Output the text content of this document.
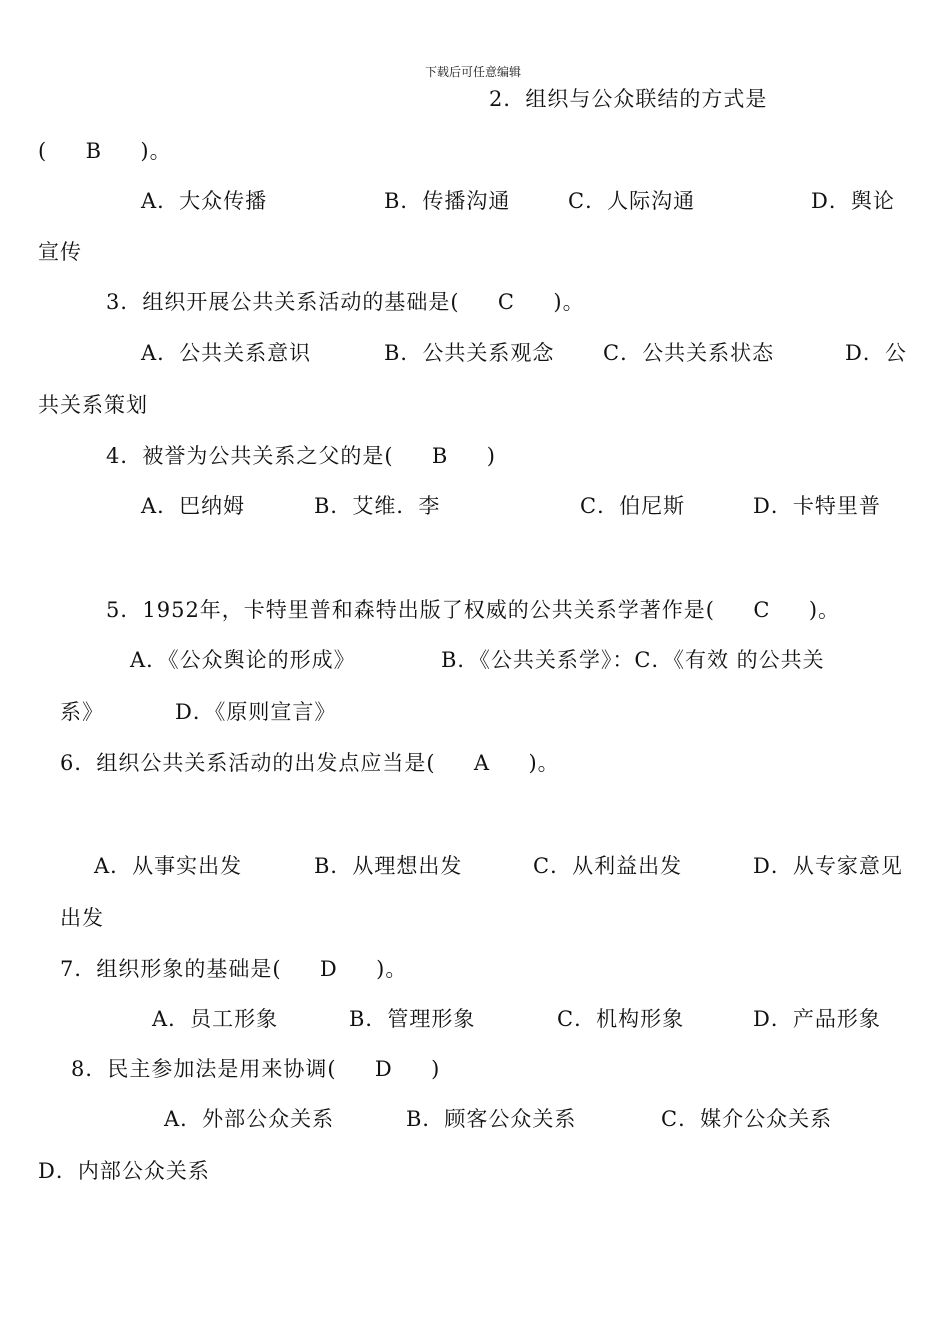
下载后可任意编辑
2．组织与公众联结的方式是
(     B     )。
A．大众传播	B．传播沟通	C．人际沟通	D．舆论
宣传
3．组织开展公共关系活动的基础是(     C     )。
A．公共关系意识	B．公共关系观念 C．公共关系状态	D．公
共关系策划
4．被誉为公共关系之父的是(     B     )
A．巴纳姆	B．艾维．李	C．伯尼斯	D．卡特里普
5．1952年，卡特里普和森特出版了权威的公共关系学著作是(     C     )。
A．《公众舆论的形成》	B．《公共关系学》：C．《有效 的公共关
系》	D．《原则宣言》
6．组织公共关系活动的出发点应当是(     A     )。
A．从事实出发	B．从理想出发	C．从利益出发	D．从专家意见
出发
7．组织形象的基础是(     D     )。
A．员工形象	B．管理形象	C．机构形象	D．产品形象
8．民主参加法是用来协调(     D     )
A．外部公众关系	B．顾客公众关系	C．媒介公众关系
D．内部公众关系
